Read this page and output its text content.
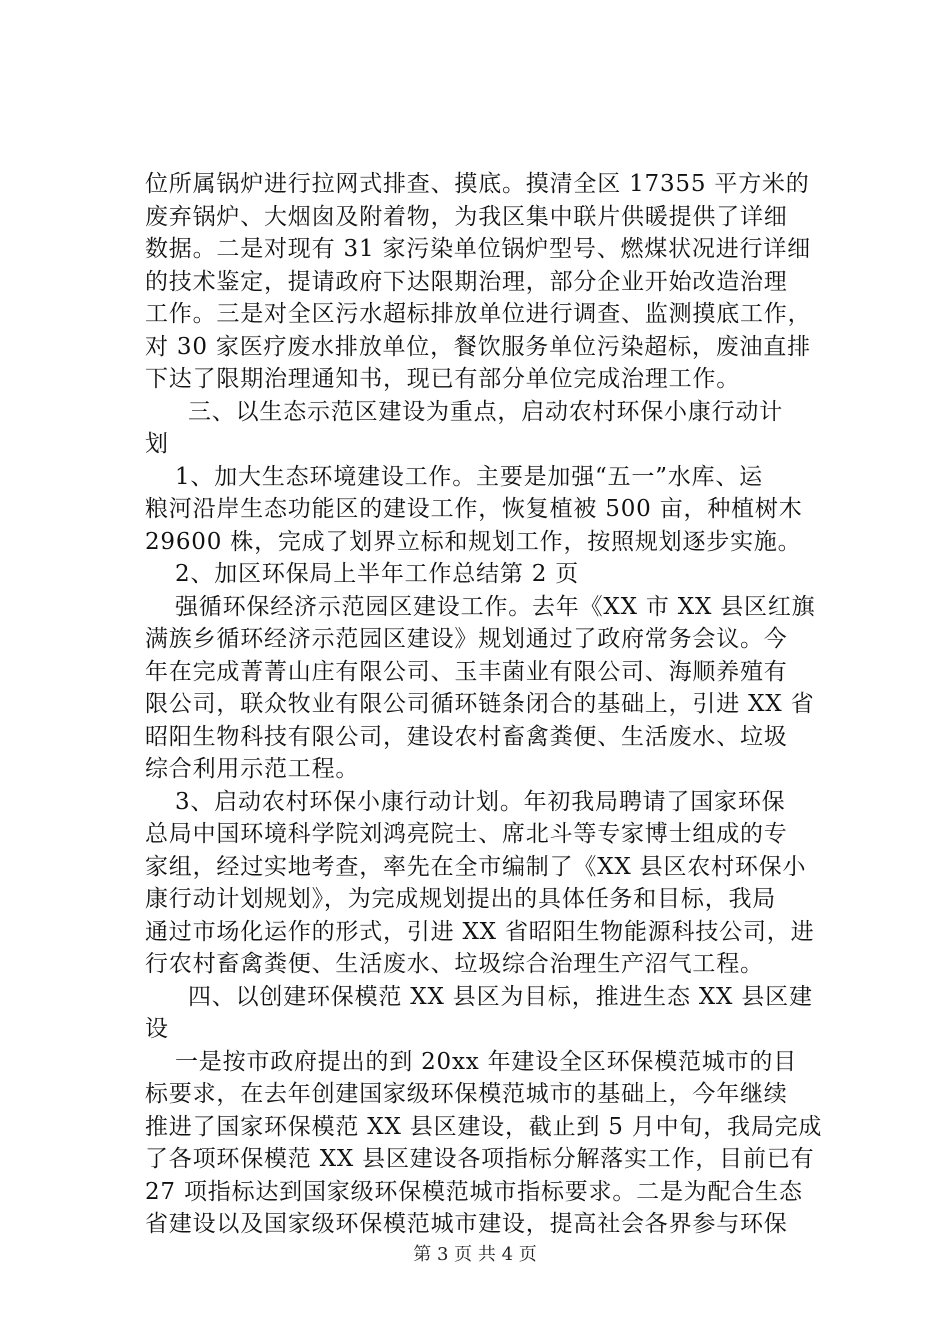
位所属锅炉进行拉网式排查、摸底。摸清全区 17355 平方米的
废弃锅炉、大烟囱及附着物，为我区集中联片供暖提供了详细
数据。二是对现有 31 家污染单位锅炉型号、燃煤状况进行详细
的技术鉴定，提请政府下达限期治理，部分企业开始改造治理
工作。三是对全区污水超标排放单位进行调查、监测摸底工作，
对 30 家医疗废水排放单位，餐饮服务单位污染超标，废油直排
下达了限期治理通知书，现已有部分单位完成治理工作。
三、以生态示范区建设为重点，启动农村环保小康行动计
划
1、加大生态环境建设工作。主要是加强“五一”水库、运
粮河沿岸生态功能区的建设工作，恢复植被 500 亩，种植树木
29600 株，完成了划界立标和规划工作，按照规划逐步实施。
2、加区环保局上半年工作总结第 2 页
强循环保经济示范园区建设工作。去年《XX 市 XX 县区红旗
满族乡循环经济示范园区建设》规划通过了政府常务会议。今
年在完成菁菁山庄有限公司、玉丰菌业有限公司、海顺养殖有
限公司，联众牧业有限公司循环链条闭合的基础上，引进 XX 省
昭阳生物科技有限公司，建设农村畜禽粪便、生活废水、垃圾
综合利用示范工程。
3、启动农村环保小康行动计划。年初我局聘请了国家环保
总局中国环境科学院刘鸿亮院士、席北斗等专家博士组成的专
家组，经过实地考查，率先在全市编制了《XX 县区农村环保小
康行动计划规划》，为完成规划提出的具体任务和目标，我局
通过市场化运作的形式，引进 XX 省昭阳生物能源科技公司，进
行农村畜禽粪便、生活废水、垃圾综合治理生产沼气工程。
四、以创建环保模范 XX 县区为目标，推进生态 XX 县区建
设
一是按市政府提出的到 20xx 年建设全区环保模范城市的目
标要求，在去年创建国家级环保模范城市的基础上，今年继续
推进了国家环保模范 XX 县区建设，截止到 5 月中旬，我局完成
了各项环保模范 XX 县区建设各项指标分解落实工作，目前已有
27 项指标达到国家级环保模范城市指标要求。二是为配合生态
省建设以及国家级环保模范城市建设，提高社会各界参与环保
第 3 页 共 4 页
